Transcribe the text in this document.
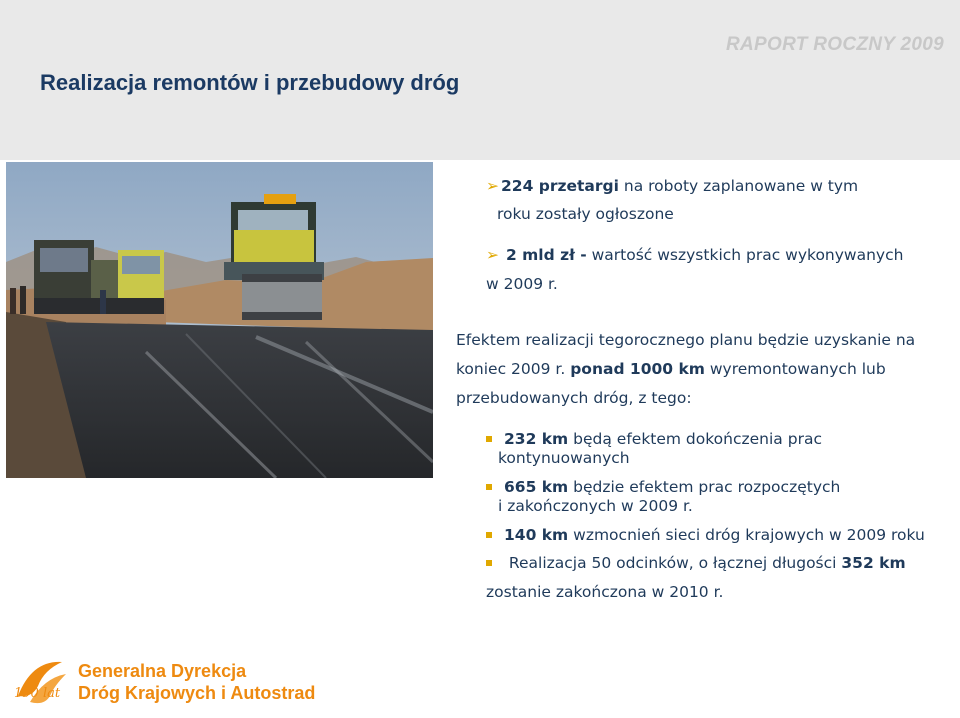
RAPORT ROCZNY 2009
Realizacja remontów i przebudowy dróg
➢ 224 przetargi na roboty zaplanowane w tym
roku zostały ogłoszone
➢ 2 mld zł - wartość wszystkich prac wykonywanych
w 2009 r.
Efektem realizacji tegorocznego planu będzie uzyskanie na
koniec 2009 r. ponad 1000 km wyremontowanych lub
przebudowanych dróg, z tego:
232 km będą efektem dokończenia prac
kontynuowanych
665 km będzie efektem prac rozpoczętych
i zakończonych w 2009 r.
140 km wzmocnień sieci dróg krajowych w 2009 roku
Realizacja 50 odcinków, o łącznej długości 352 km
zostanie zakończona w 2010 r.
190 lat
Generalna Dyrekcja
Dróg Krajowych i Autostrad
